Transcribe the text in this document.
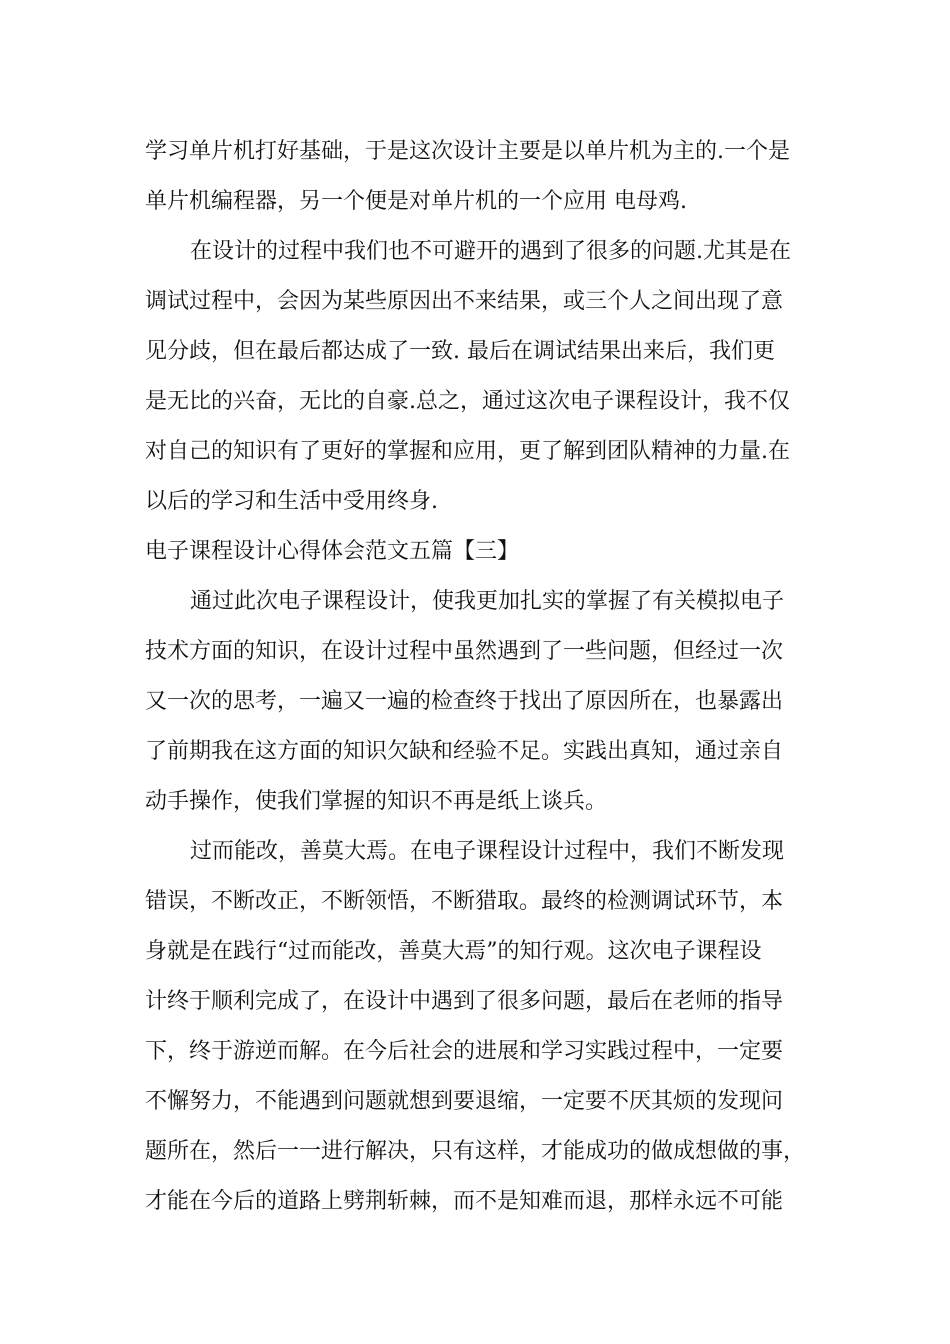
学习单片机打好基础，于是这次设计主要是以单片机为主的.一个是
单片机编程器，另一个便是对单片机的一个应用 电母鸡.
在设计的过程中我们也不可避开的遇到了很多的问题.尤其是在
调试过程中，会因为某些原因出不来结果，或三个人之间出现了意
见分歧，但在最后都达成了一致. 最后在调试结果出来后，我们更
是无比的兴奋，无比的自豪.总之，通过这次电子课程设计，我不仅
对自己的知识有了更好的掌握和应用，更了解到团队精神的力量.在
以后的学习和生活中受用终身.
电子课程设计心得体会范文五篇【三】
通过此次电子课程设计，使我更加扎实的掌握了有关模拟电子
技术方面的知识，在设计过程中虽然遇到了一些问题，但经过一次
又一次的思考，一遍又一遍的检查终于找出了原因所在，也暴露出
了前期我在这方面的知识欠缺和经验不足。实践出真知，通过亲自
动手操作，使我们掌握的知识不再是纸上谈兵。
过而能改，善莫大焉。在电子课程设计过程中，我们不断发现
错误，不断改正，不断领悟，不断猎取。最终的检测调试环节，本
身就是在践行“过而能改，善莫大焉”的知行观。这次电子课程设
计终于顺利完成了，在设计中遇到了很多问题，最后在老师的指导
下，终于游逆而解。在今后社会的进展和学习实践过程中，一定要
不懈努力，不能遇到问题就想到要退缩，一定要不厌其烦的发现问
题所在，然后一一进行解决，只有这样，才能成功的做成想做的事，
才能在今后的道路上劈荆斩棘，而不是知难而退，那样永远不可能
